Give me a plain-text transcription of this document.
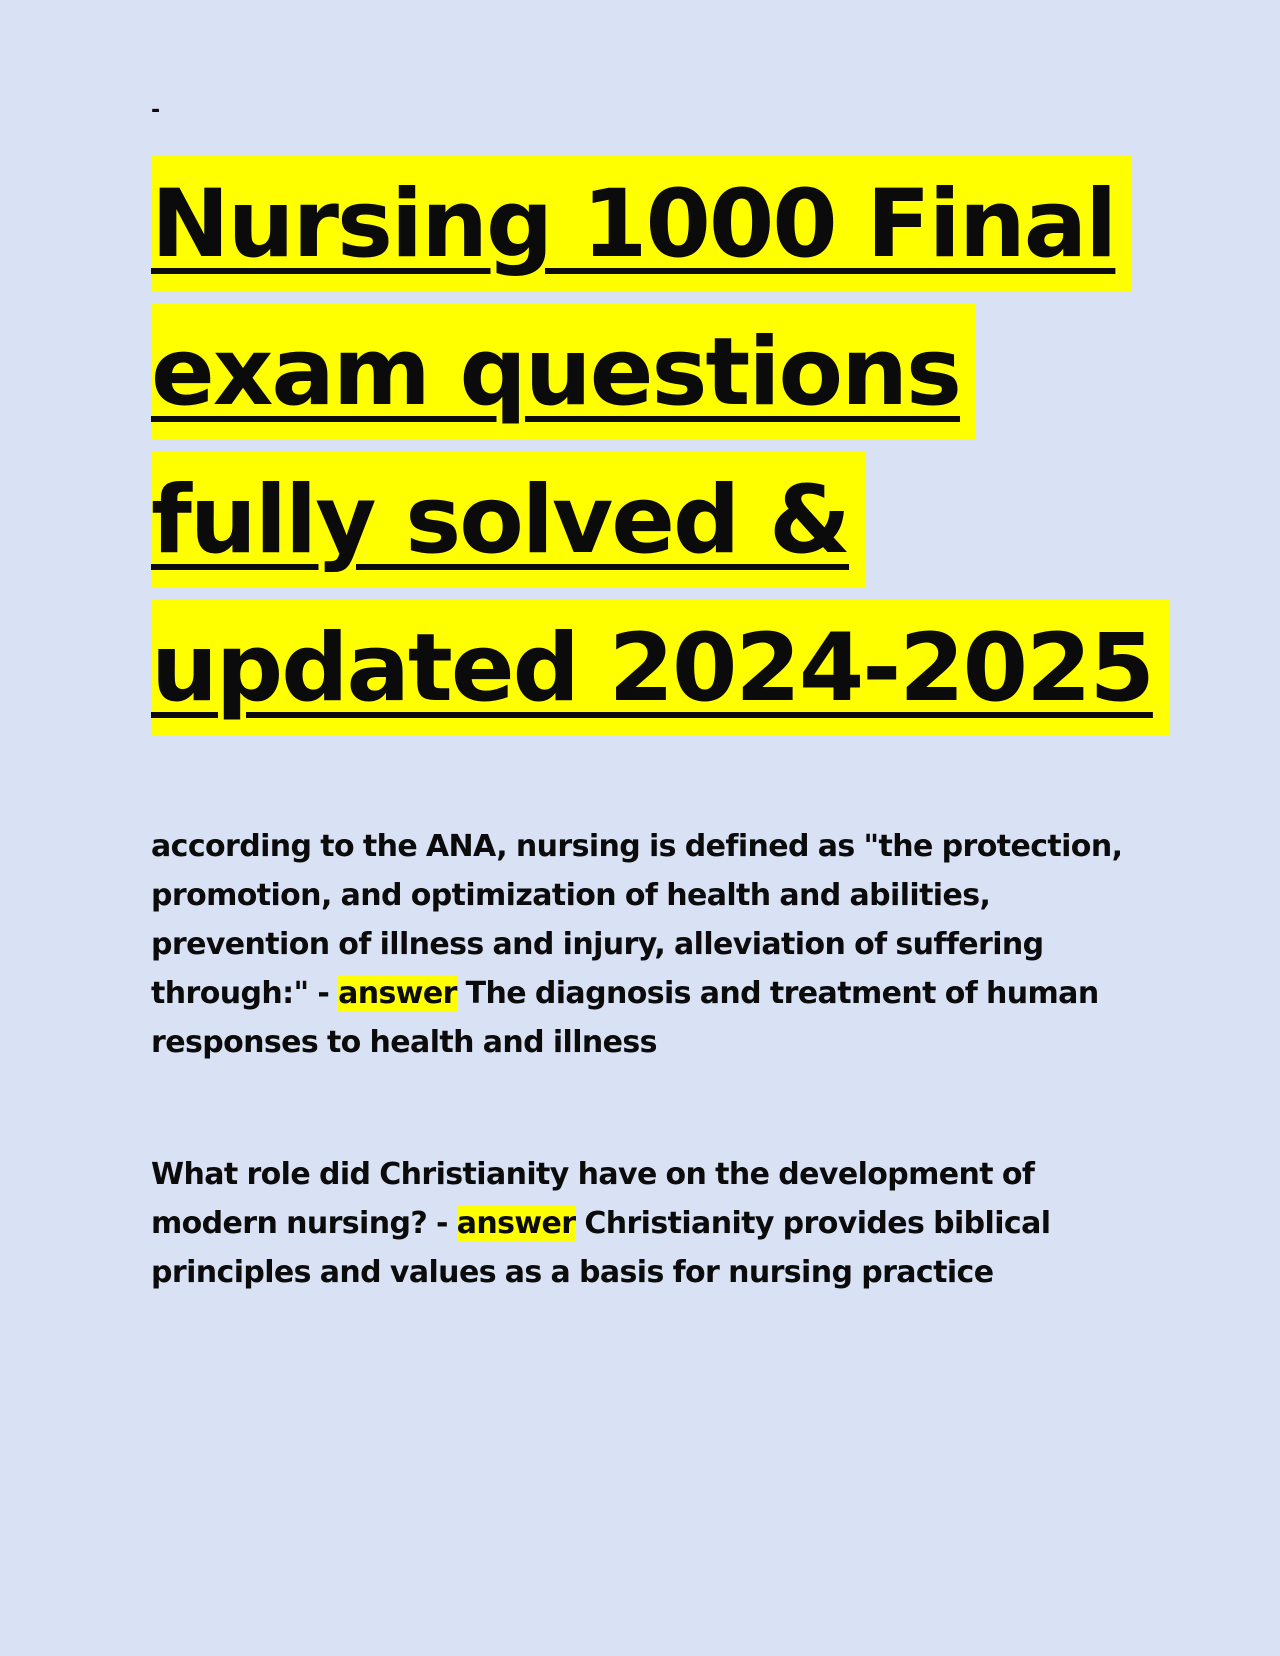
-
Nursing 1000 Final
exam questions
fully solved &
updated 2024-2025

according to the ANA, nursing is defined as "the protection, promotion, and optimization of health and abilities, prevention of illness and injury, alleviation of suffering through:" - answer The diagnosis and treatment of human responses to health and illness

What role did Christianity have on the development of modern nursing? - answer Christianity provides biblical principles and values as a basis for nursing practice
